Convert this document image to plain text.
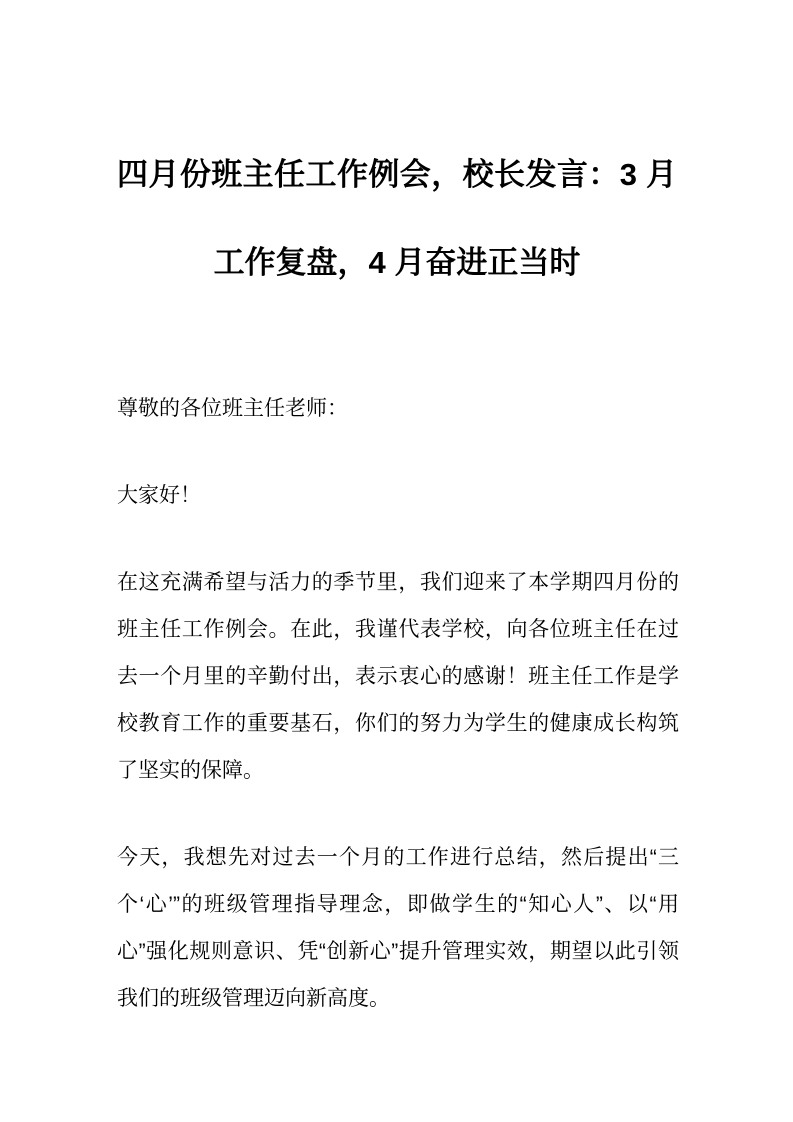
四月份班主任工作例会，校长发言：3 月工作复盘，4 月奋进正当时

尊敬的各位班主任老师：

大家好！

在这充满希望与活力的季节里，我们迎来了本学期四月份的班主任工作例会。在此，我谨代表学校，向各位班主任在过去一个月里的辛勤付出，表示衷心的感谢！班主任工作是学校教育工作的重要基石，你们的努力为学生的健康成长构筑了坚实的保障。

今天，我想先对过去一个月的工作进行总结，然后提出“三个‘心’”的班级管理指导理念，即做学生的“知心人”、以“用心”强化规则意识、凭“创新心”提升管理实效，期望以此引领我们的班级管理迈向新高度。
